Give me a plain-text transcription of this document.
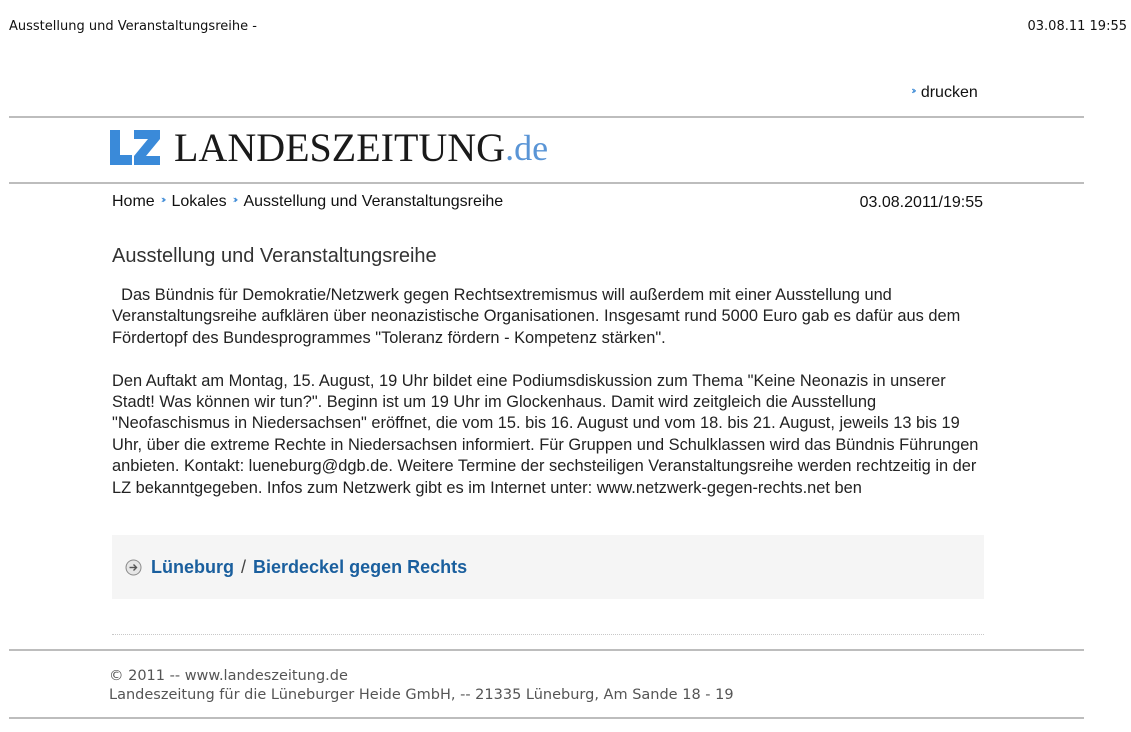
Ausstellung und Veranstaltungsreihe -	03.08.11 19:55
›› drucken
LANDESZEITUNG .de
Home ›› Lokales ›› Ausstellung und Veranstaltungsreihe	03.08.2011/19:55
Ausstellung und Veranstaltungsreihe

Das Bündnis für Demokratie/Netzwerk gegen Rechtsextremismus will außerdem mit einer Ausstellung und Veranstaltungsreihe aufklären über neonazistische Organisationen. Insgesamt rund 5000 Euro gab es dafür aus dem Fördertopf des Bundesprogrammes "Toleranz fördern - Kompetenz stärken".

Den Auftakt am Montag, 15. August, 19 Uhr bildet eine Podiumsdiskussion zum Thema "Keine Neonazis in unserer Stadt! Was können wir tun?". Beginn ist um 19 Uhr im Glockenhaus. Damit wird zeitgleich die Ausstellung "Neofaschismus in Niedersachsen" eröffnet, die vom 15. bis 16. August und vom 18. bis 21. August, jeweils 13 bis 19 Uhr, über die extreme Rechte in Niedersachsen informiert. Für Gruppen und Schulklassen wird das Bündnis Führungen anbieten. Kontakt: lueneburg@dgb.de. Weitere Termine der sechsteiligen Veranstaltungsreihe werden rechtzeitig in der LZ bekanntgegeben. Infos zum Netzwerk gibt es im Internet unter: www.netzwerk-gegen-rechts.net ben

Lüneburg / Bierdeckel gegen Rechts
© 2011 -- www.landeszeitung.de
Landeszeitung für die Lüneburger Heide GmbH, -- 21335 Lüneburg, Am Sande 18 - 19
